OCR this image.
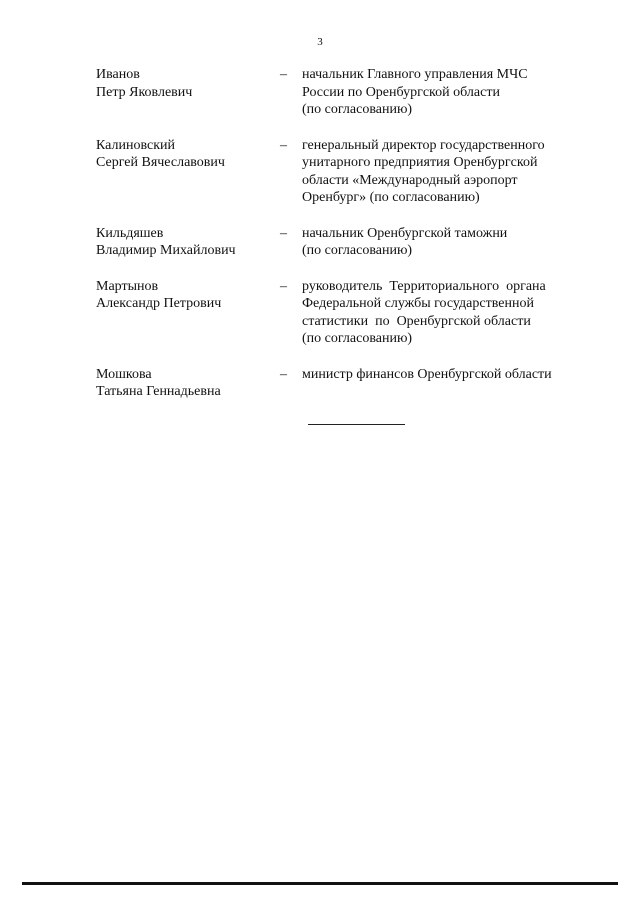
3
Иванов
Петр Яковлевич
–	начальник Главного управления МЧС
России по Оренбургской области
(по согласованию)
Калиновский
Сергей Вячеславович
–	генеральный директор государственного
унитарного предприятия Оренбургской
области «Международный аэропорт
Оренбург» (по согласованию)
Кильдяшев
Владимир Михайлович
–	начальник Оренбургской таможни
(по согласованию)
Мартынов
Александр Петрович
–	руководитель  Территориального  органа
Федеральной службы государственной
статистики  по  Оренбургской области
(по согласованию)
Мошкова
Татьяна Геннадьевна
–	министр финансов Оренбургской области
